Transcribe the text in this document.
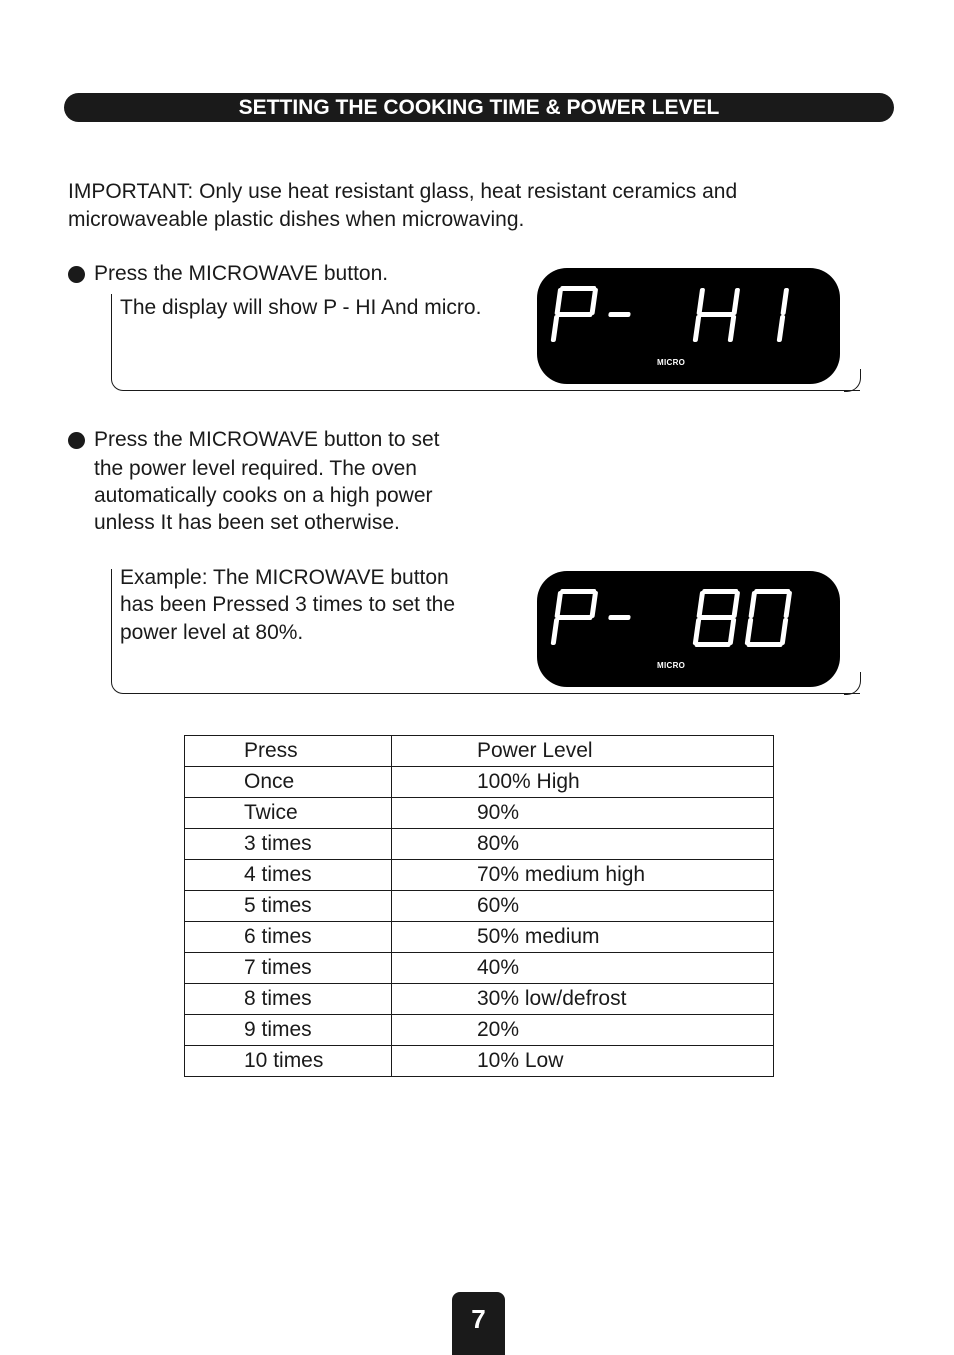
SETTING THE COOKING TIME & POWER LEVEL
IMPORTANT: Only use heat resistant glass, heat resistant ceramics and microwaveable plastic dishes when microwaving.
Press the MICROWAVE button.
The display will show P - HI And micro.
MICRO
Press the MICROWAVE button to set
the power level required. The oven
automatically cooks on a high power
unless It has been set otherwise.
Example: The MICROWAVE button
has been Pressed 3 times to set the
power level at 80%.
MICRO
Press	Power Level
Once	100% High
Twice	90%
3 times	80%
4 times	70% medium high
5 times	60%
6 times	50% medium
7 times	40%
8 times	30% low/defrost
9 times	20%
10 times	10% Low
7
